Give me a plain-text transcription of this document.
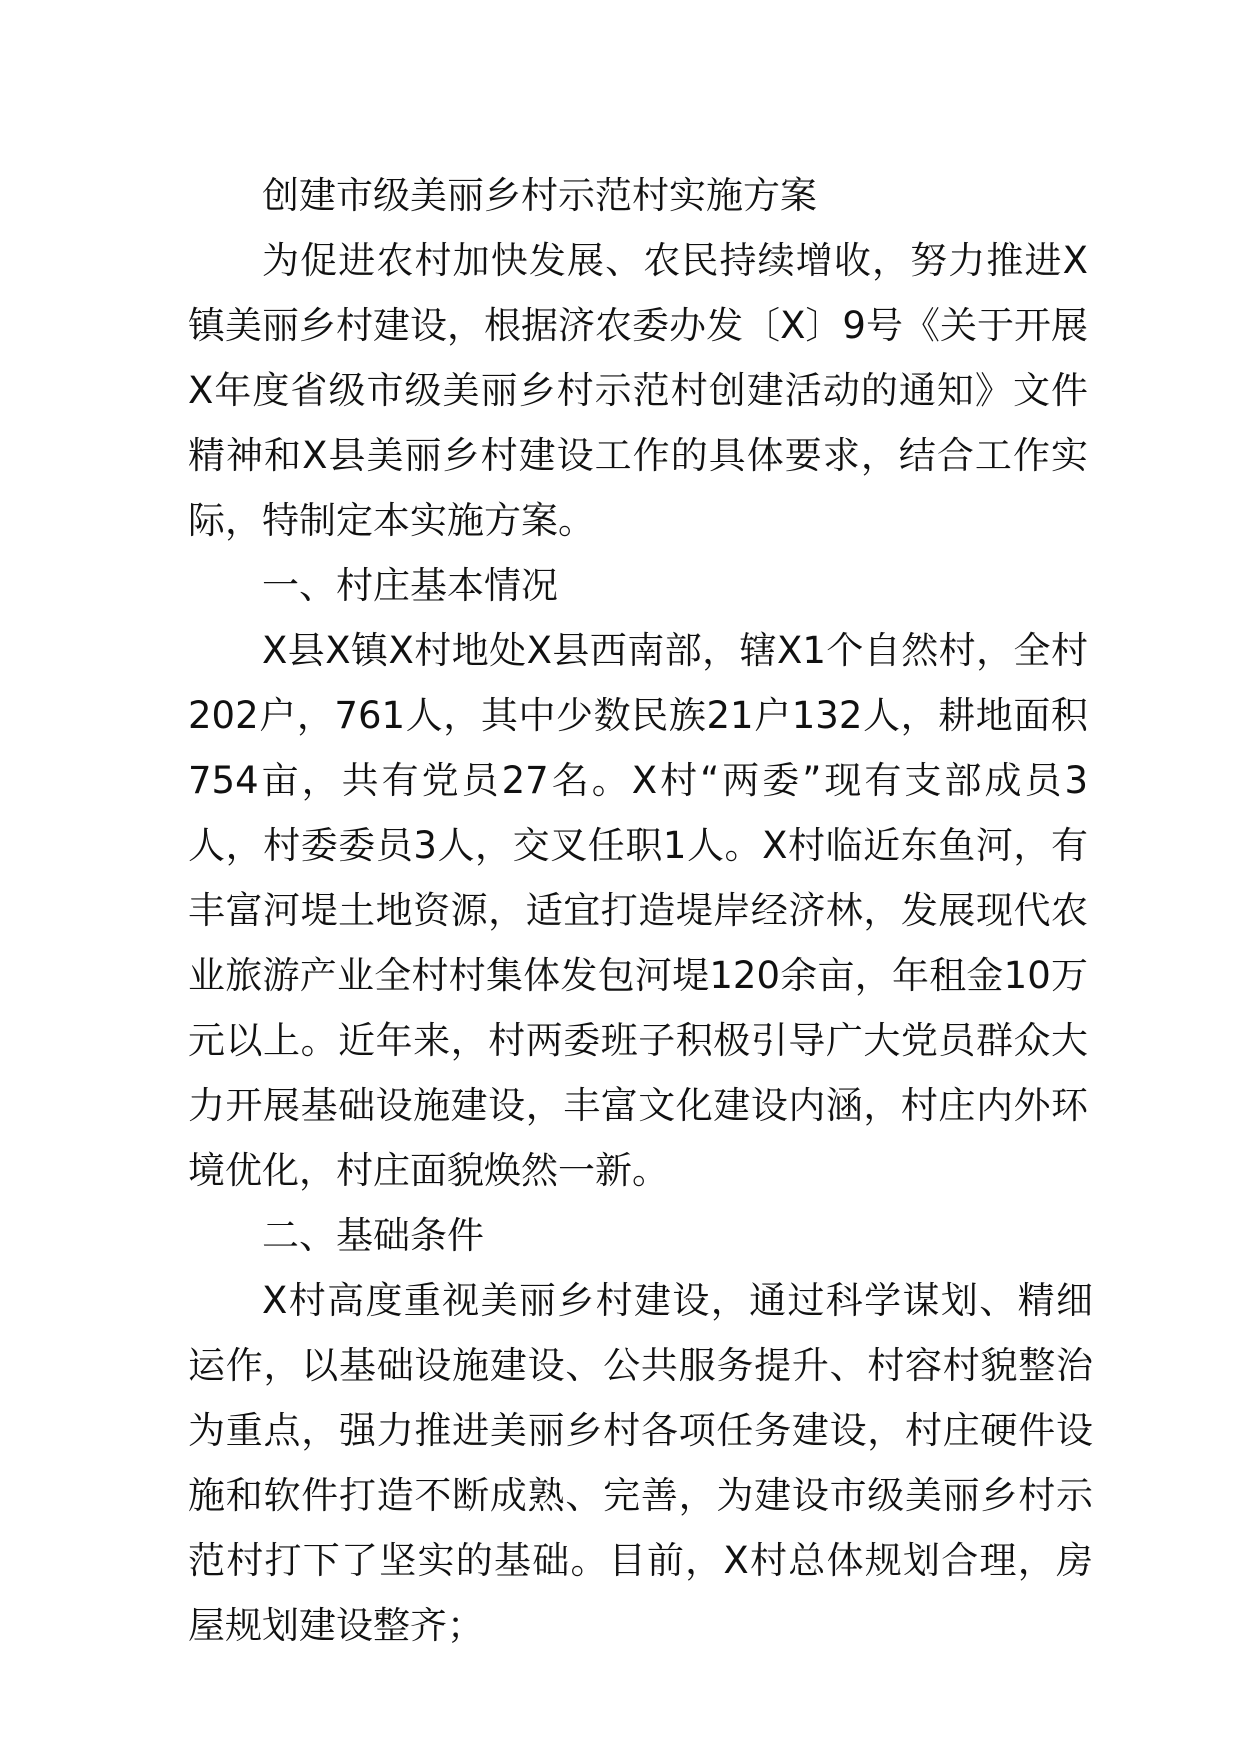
创建市级美丽乡村示范村实施方案

为促进农村加快发展、农民持续增收，努力推进X镇美丽乡村建设，根据济农委办发〔X〕9号《关于开展X年度省级市级美丽乡村示范村创建活动的通知》文件精神和X县美丽乡村建设工作的具体要求，结合工作实际，特制定本实施方案。

一、村庄基本情况

X县X镇X村地处X县西南部，辖X1个自然村，全村202户，761人，其中少数民族21户132人，耕地面积754亩，共有党员27名。X村“两委”现有支部成员3人，村委委员3人，交叉任职1人。X村临近东鱼河，有丰富河堤土地资源，适宜打造堤岸经济林，发展现代农业旅游产业全村村集体发包河堤120余亩，年租金10万元以上。近年来，村两委班子积极引导广大党员群众大力开展基础设施建设，丰富文化建设内涵，村庄内外环境优化，村庄面貌焕然一新。

二、基础条件

X村高度重视美丽乡村建设，通过科学谋划、精细运作，以基础设施建设、公共服务提升、村容村貌整治为重点，强力推进美丽乡村各项任务建设，村庄硬件设施和软件打造不断成熟、完善，为建设市级美丽乡村示范村打下了坚实的基础。目前，X村总体规划合理，房屋规划建设整齐；
